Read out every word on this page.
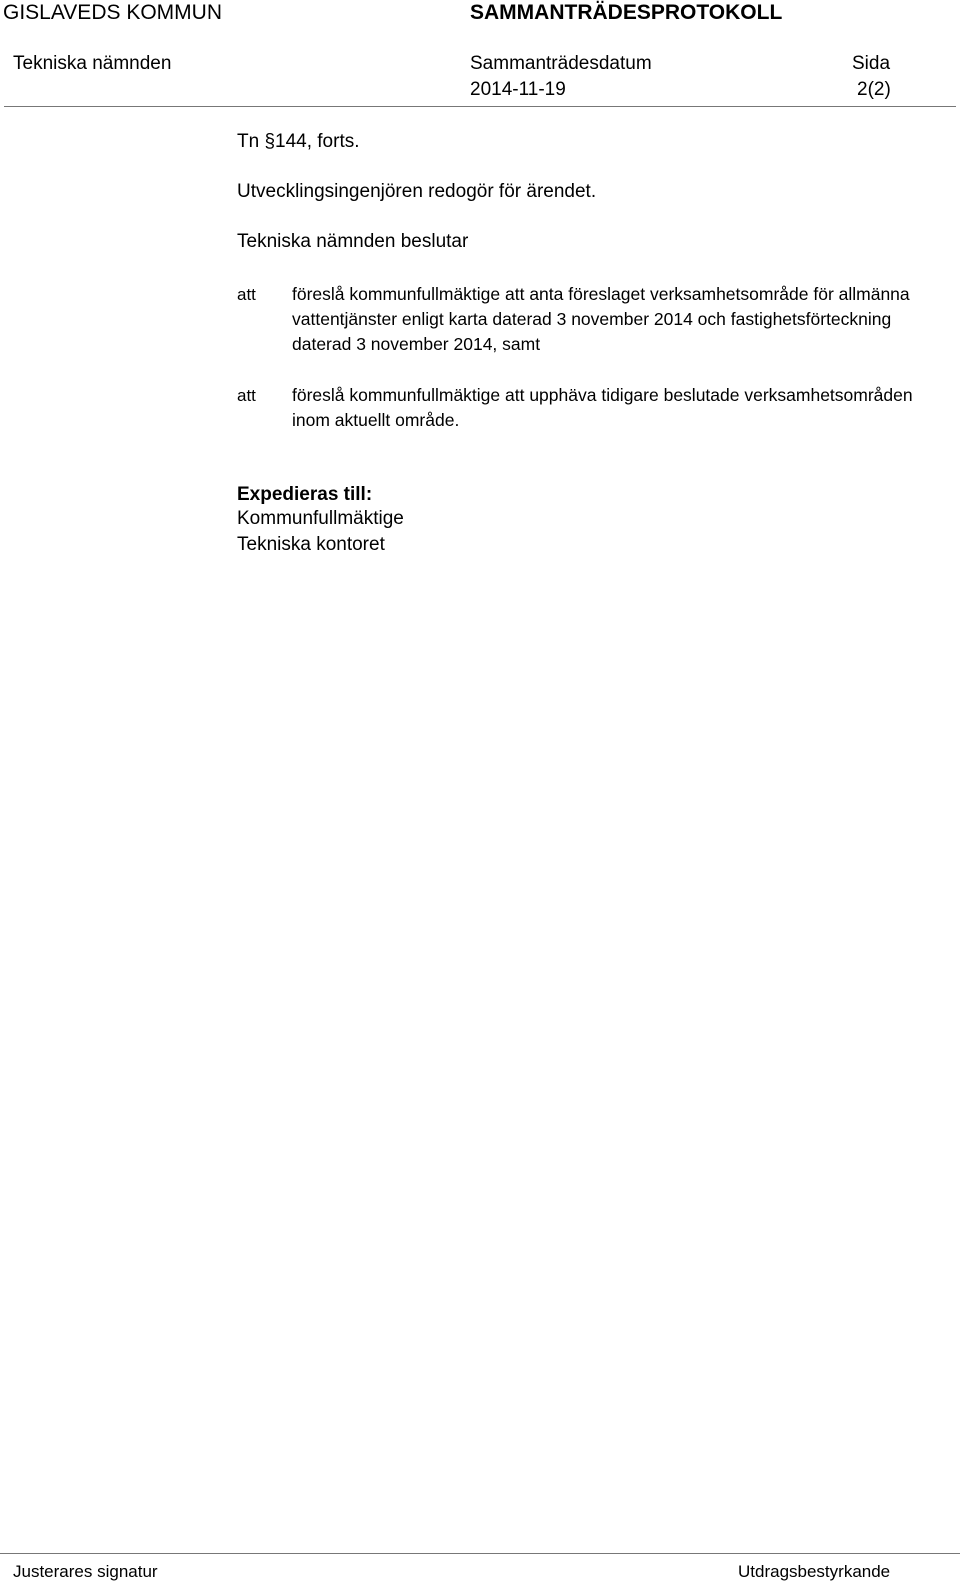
GISLAVEDS KOMMUN	SAMMANTRÄDESPROTOKOLL
Tekniska nämnden	Sammanträdesdatum
2014-11-19
Sida
2(2)
Tn §144, forts.
Utvecklingsingenjören redogör för ärendet.
Tekniska nämnden beslutar
att föreslå kommunfullmäktige att anta föreslaget verksamhetsområde för allmänna vattentjänster enligt karta daterad 3 november 2014 och fastighetsförteckning daterad 3 november 2014, samt
att föreslå kommunfullmäktige att upphäva tidigare beslutade verksamhetsområden inom aktuellt område.
Expedieras till:
Kommunfullmäktige
Tekniska kontoret
Justerares signatur	Utdragsbestyrkande
